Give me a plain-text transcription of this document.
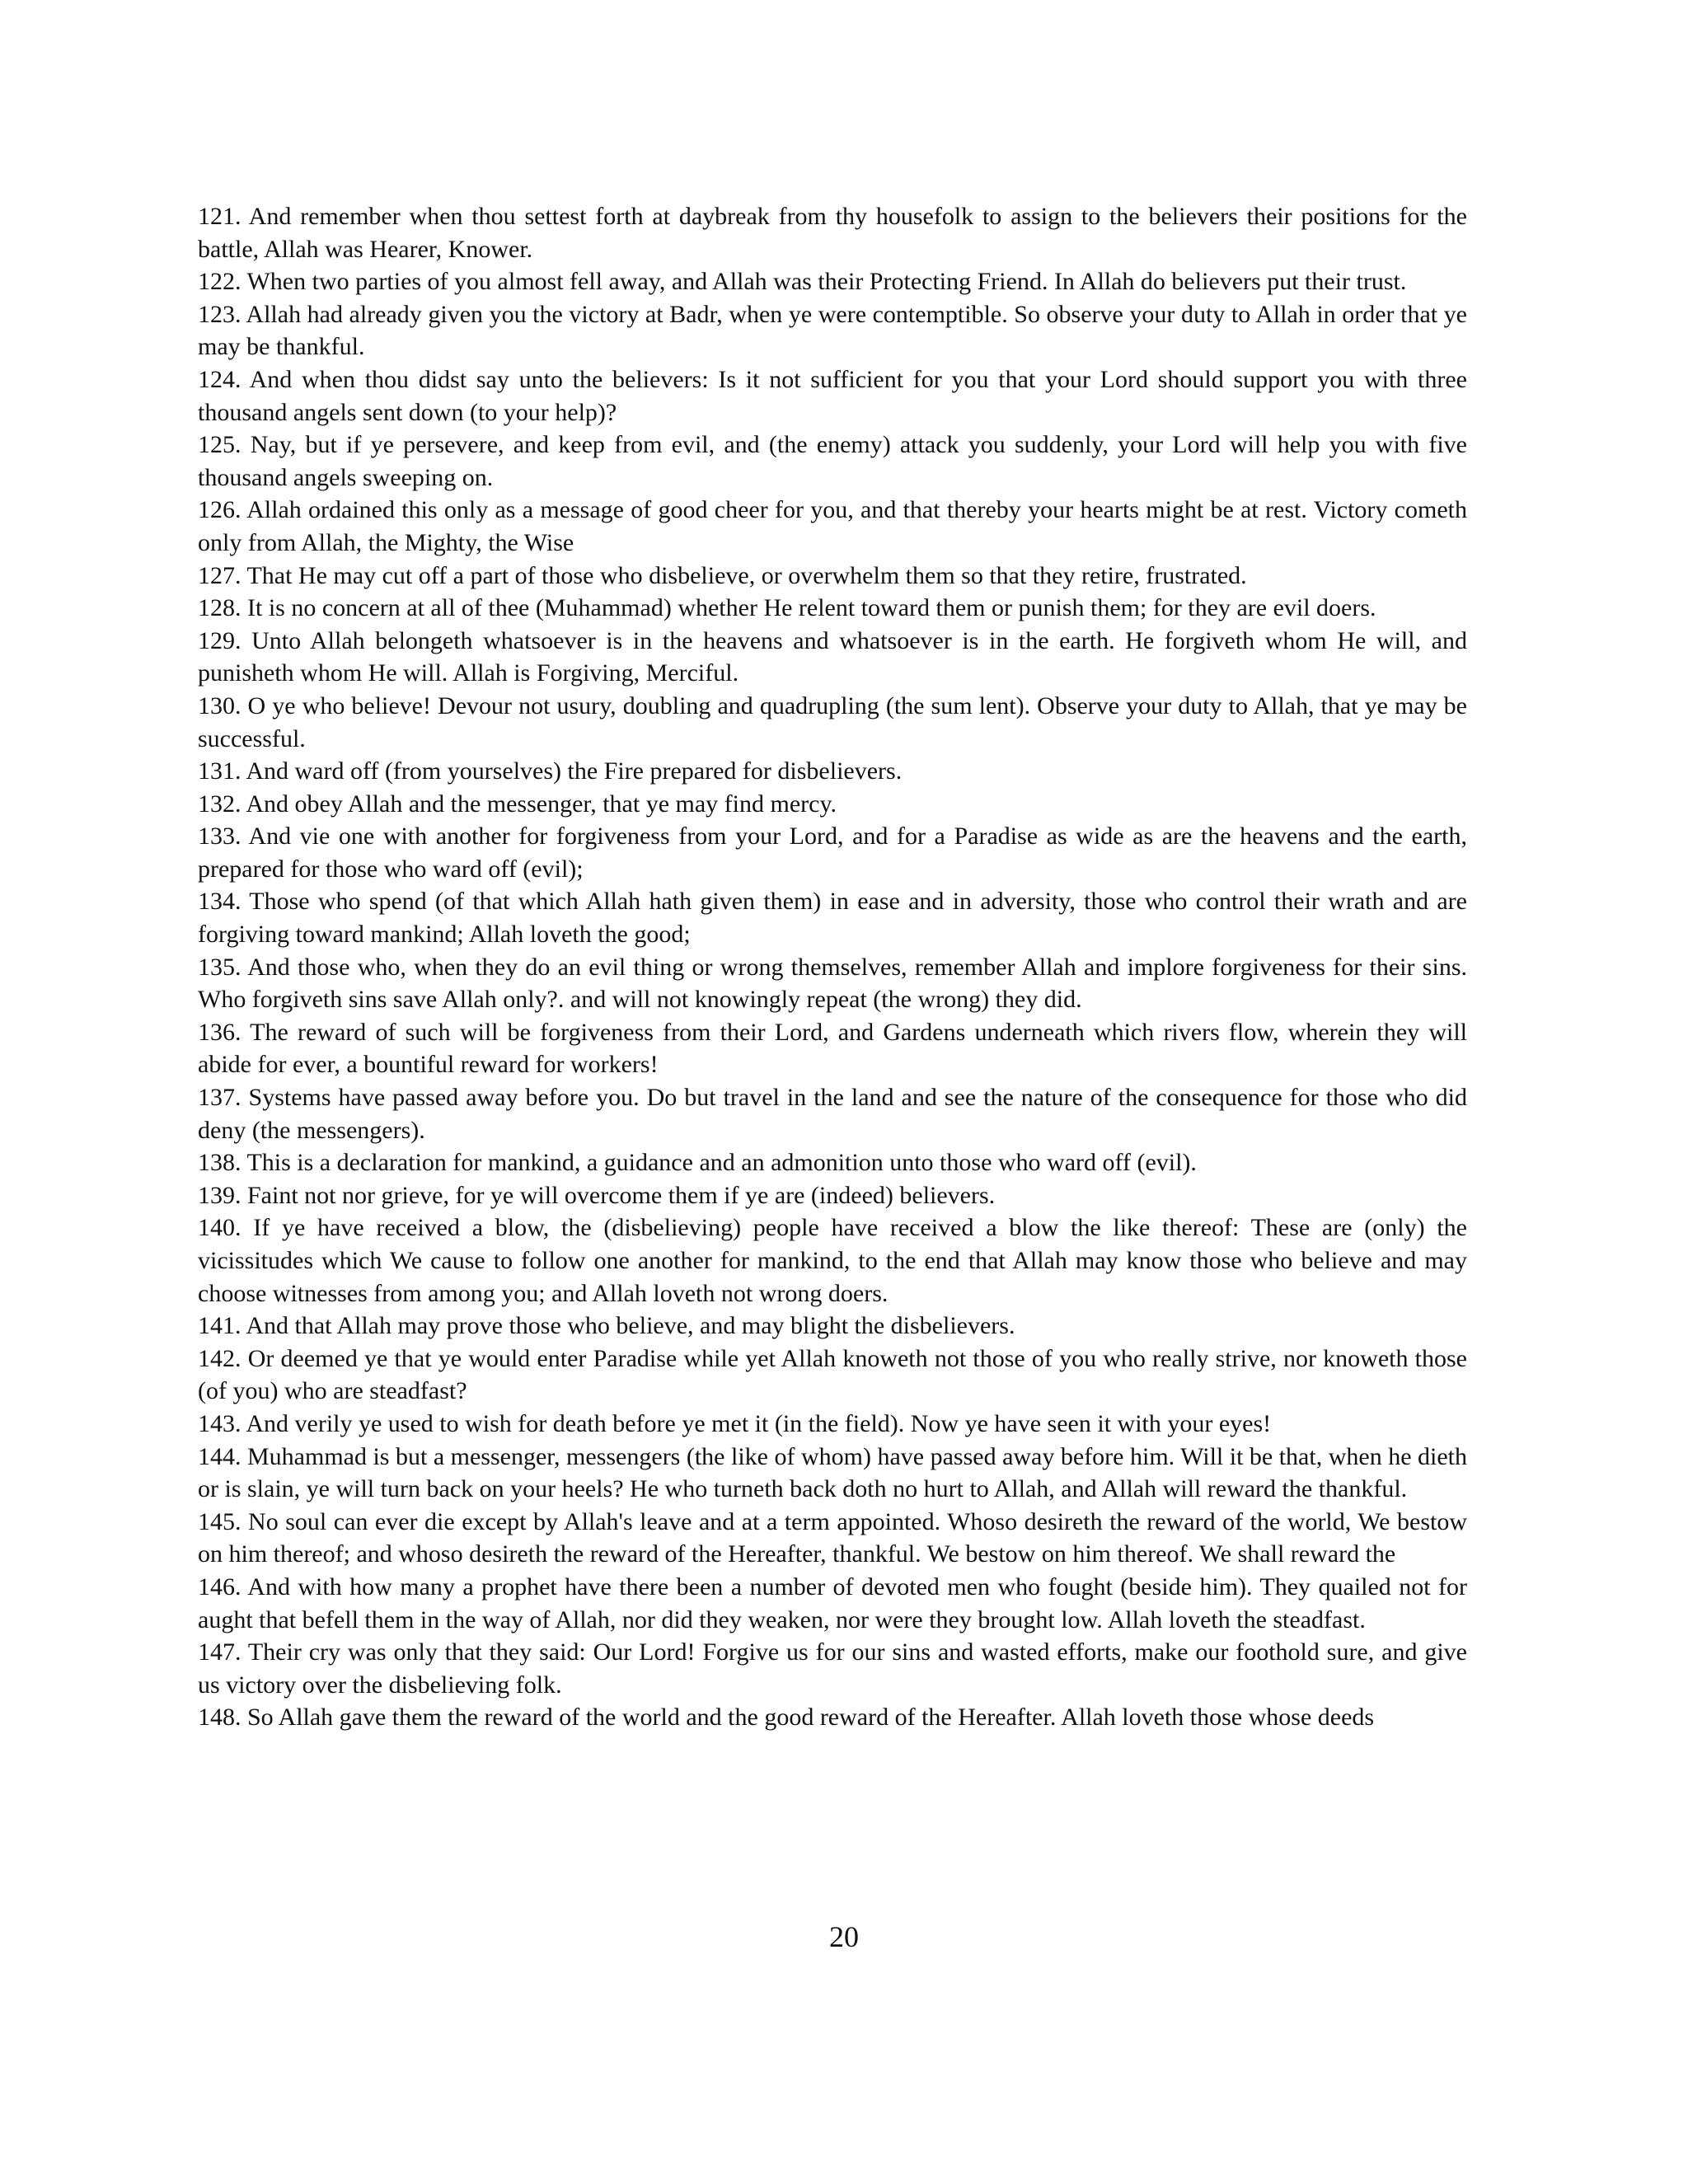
121. And remember when thou settest forth at daybreak from thy housefolk to assign to the believers their positions for the battle, Allah was Hearer, Knower.

122. When two parties of you almost fell away, and Allah was their Protecting Friend. In Allah do believers put their trust.

123. Allah had already given you the victory at Badr, when ye were contemptible. So observe your duty to Allah in order that ye may be thankful.

124. And when thou didst say unto the believers: Is it not sufficient for you that your Lord should support you with three thousand angels sent down (to your help)?

125. Nay, but if ye persevere, and keep from evil, and (the enemy) attack you suddenly, your Lord will help you with five thousand angels sweeping on.

126. Allah ordained this only as a message of good cheer for you, and that thereby your hearts might be at rest. Victory cometh only from Allah, the Mighty, the Wise

127. That He may cut off a part of those who disbelieve, or overwhelm them so that they retire, frustrated.

128. It is no concern at all of thee (Muhammad) whether He relent toward them or punish them; for they are evil doers.

129. Unto Allah belongeth whatsoever is in the heavens and whatsoever is in the earth. He forgiveth whom He will, and punisheth whom He will. Allah is Forgiving, Merciful.

130. O ye who believe! Devour not usury, doubling and quadrupling (the sum lent). Observe your duty to Allah, that ye may be successful.

131. And ward off (from yourselves) the Fire prepared for disbelievers.

132. And obey Allah and the messenger, that ye may find mercy.

133. And vie one with another for forgiveness from your Lord, and for a Paradise as wide as are the heavens and the earth, prepared for those who ward off (evil);

134. Those who spend (of that which Allah hath given them) in ease and in adversity, those who control their wrath and are forgiving toward mankind; Allah loveth the good;

135. And those who, when they do an evil thing or wrong themselves, remember Allah and implore forgiveness for their sins. Who forgiveth sins save Allah only?. and will not knowingly repeat (the wrong) they did.

136. The reward of such will be forgiveness from their Lord, and Gardens underneath which rivers flow, wherein they will abide for ever, a bountiful reward for workers!

137. Systems have passed away before you. Do but travel in the land and see the nature of the consequence for those who did deny (the messengers).

138. This is a declaration for mankind, a guidance and an admonition unto those who ward off (evil).

139. Faint not nor grieve, for ye will overcome them if ye are (indeed) believers.

140. If ye have received a blow, the (disbelieving) people have received a blow the like thereof: These are (only) the vicissitudes which We cause to follow one another for mankind, to the end that Allah may know those who believe and may choose witnesses from among you; and Allah loveth not wrong doers.

141. And that Allah may prove those who believe, and may blight the disbelievers.

142. Or deemed ye that ye would enter Paradise while yet Allah knoweth not those of you who really strive, nor knoweth those (of you) who are steadfast?

143. And verily ye used to wish for death before ye met it (in the field). Now ye have seen it with your eyes!

144. Muhammad is but a messenger, messengers (the like of whom) have passed away before him. Will it be that, when he dieth or is slain, ye will turn back on your heels? He who turneth back doth no hurt to Allah, and Allah will reward the thankful.

145. No soul can ever die except by Allah's leave and at a term appointed. Whoso desireth the reward of the world, We bestow on him thereof; and whoso desireth the reward of the Hereafter, thankful. We bestow on him thereof. We shall reward the

146. And with how many a prophet have there been a number of devoted men who fought (beside him). They quailed not for aught that befell them in the way of Allah, nor did they weaken, nor were they brought low. Allah loveth the steadfast.

147. Their cry was only that they said: Our Lord! Forgive us for our sins and wasted efforts, make our foothold sure, and give us victory over the disbelieving folk.

148. So Allah gave them the reward of the world and the good reward of the Hereafter. Allah loveth those whose deeds

20
